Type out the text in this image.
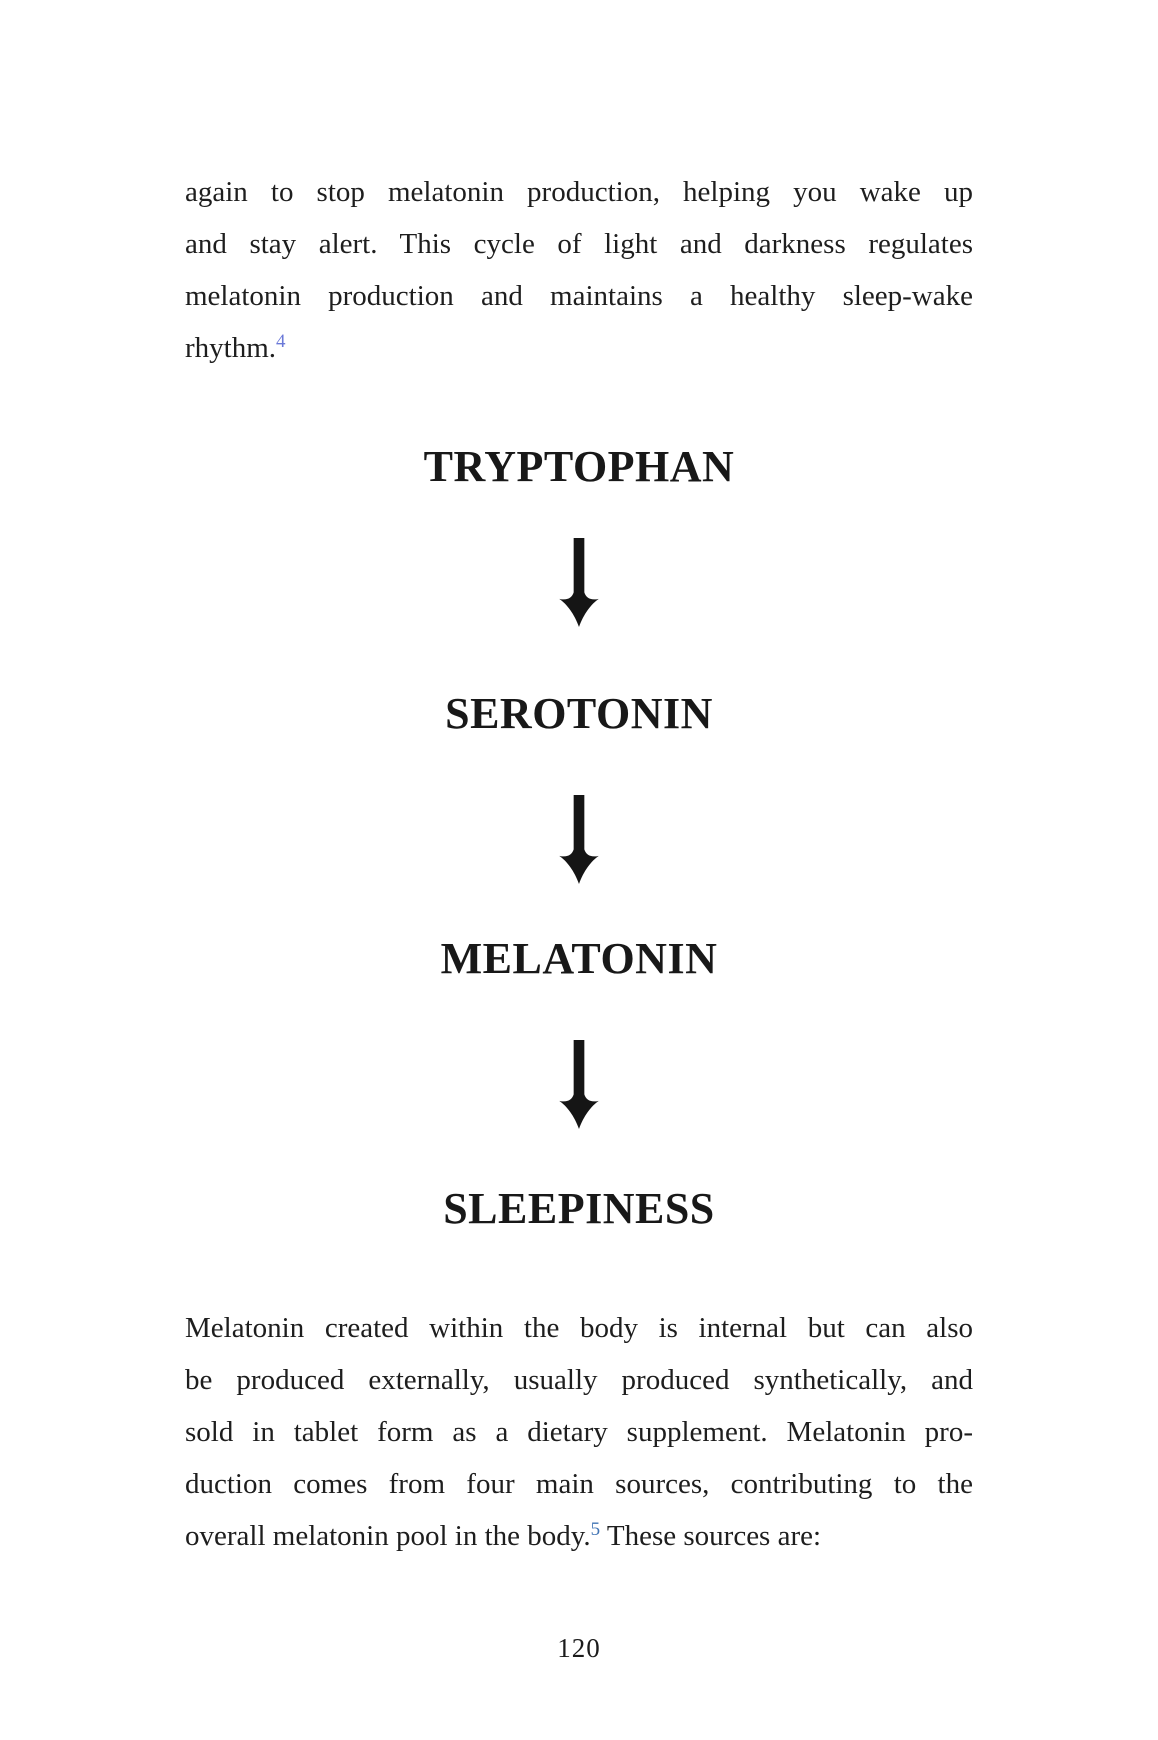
again to stop melatonin production, helping you wake up
and stay alert. This cycle of light and darkness regulates
melatonin production and maintains a healthy sleep-wake
rhythm.$^4$
TRYPTOPHAN
SEROTONIN
MELATONIN
SLEEPINESS
Melatonin created within the body is internal but can also
be produced externally, usually produced synthetically, and
sold in tablet form as a dietary supplement. Melatonin pro-
duction comes from four main sources, contributing to the
overall melatonin pool in the body.$^5$ These sources are:
120
